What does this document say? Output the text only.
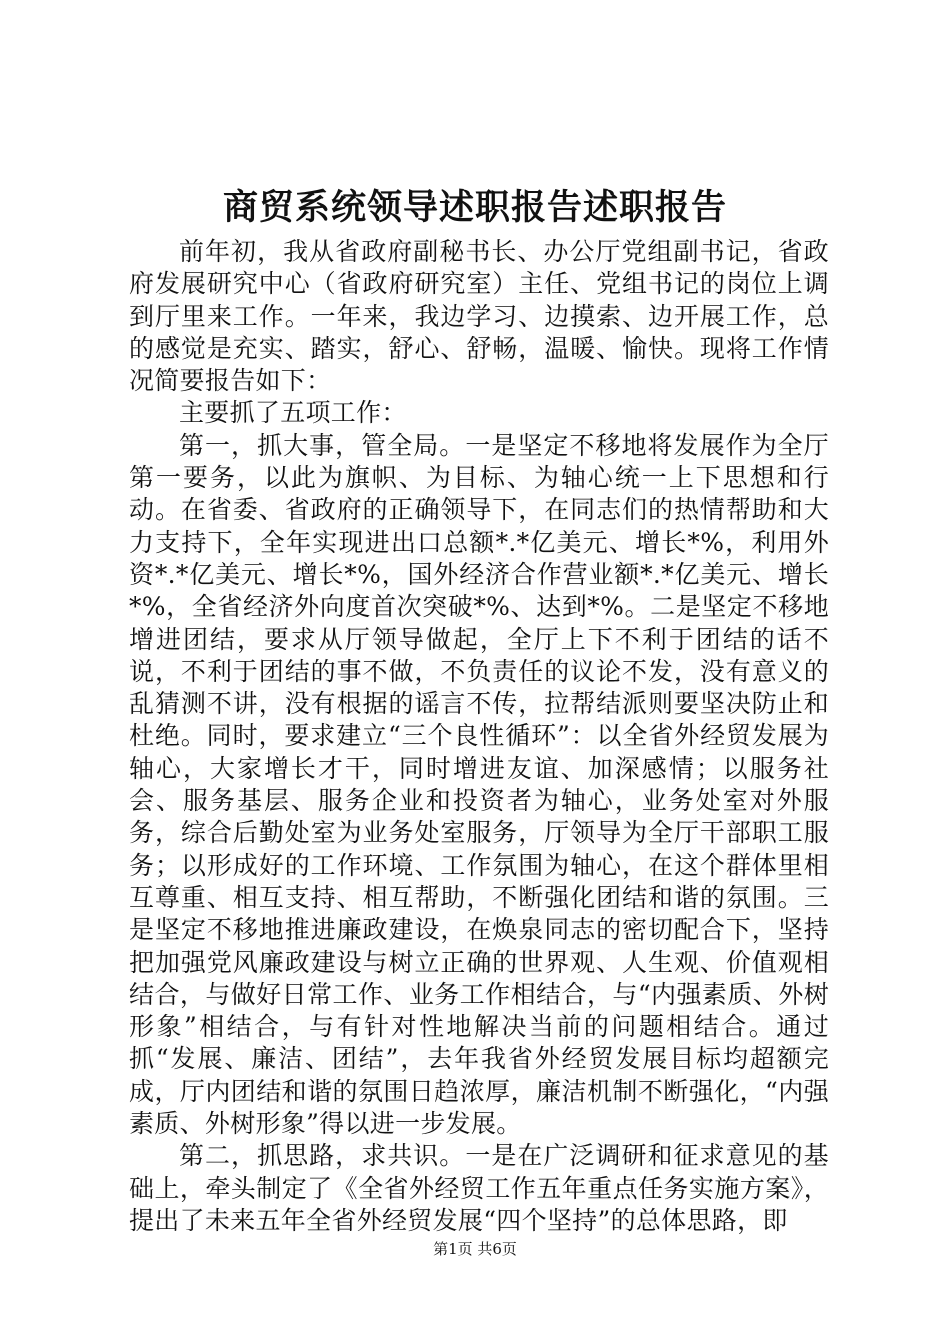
商贸系统领导述职报告述职报告

前年初，我从省政府副秘书长、办公厅党组副书记，省政府发展研究中心（省政府研究室）主任、党组书记的岗位上调到厅里来工作。一年来，我边学习、边摸索、边开展工作，总的感觉是充实、踏实，舒心、舒畅，温暖、愉快。现将工作情况简要报告如下：

主要抓了五项工作：

第一，抓大事，管全局。一是坚定不移地将发展作为全厅第一要务，以此为旗帜、为目标、为轴心统一上下思想和行动。在省委、省政府的正确领导下，在同志们的热情帮助和大力支持下，全年实现进出口总额*.*亿美元、增长*%，利用外资*.*亿美元、增长*%，国外经济合作营业额*.*亿美元、增长*%，全省经济外向度首次突破*%、达到*%。二是坚定不移地增进团结，要求从厅领导做起，全厅上下不利于团结的话不说，不利于团结的事不做，不负责任的议论不发，没有意义的乱猜测不讲，没有根据的谣言不传，拉帮结派则要坚决防止和杜绝。同时，要求建立“三个良性循环”：以全省外经贸发展为轴心，大家增长才干，同时增进友谊、加深感情；以服务社会、服务基层、服务企业和投资者为轴心，业务处室对外服务，综合后勤处室为业务处室服务，厅领导为全厅干部职工服务；以形成好的工作环境、工作氛围为轴心，在这个群体里相互尊重、相互支持、相互帮助，不断强化团结和谐的氛围。三是坚定不移地推进廉政建设，在焕泉同志的密切配合下，坚持把加强党风廉政建设与树立正确的世界观、人生观、价值观相结合，与做好日常工作、业务工作相结合，与“内强素质、外树形象”相结合，与有针对性地解决当前的问题相结合。通过抓“发展、廉洁、团结”，去年我省外经贸发展目标均超额完成，厅内团结和谐的氛围日趋浓厚，廉洁机制不断强化，“内强素质、外树形象”得以进一步发展。

第二，抓思路，求共识。一是在广泛调研和征求意见的基础上，牵头制定了《全省外经贸工作五年重点任务实施方案》，提出了未来五年全省外经贸发展“四个坚持”的总体思路，即

第1页 共6页
